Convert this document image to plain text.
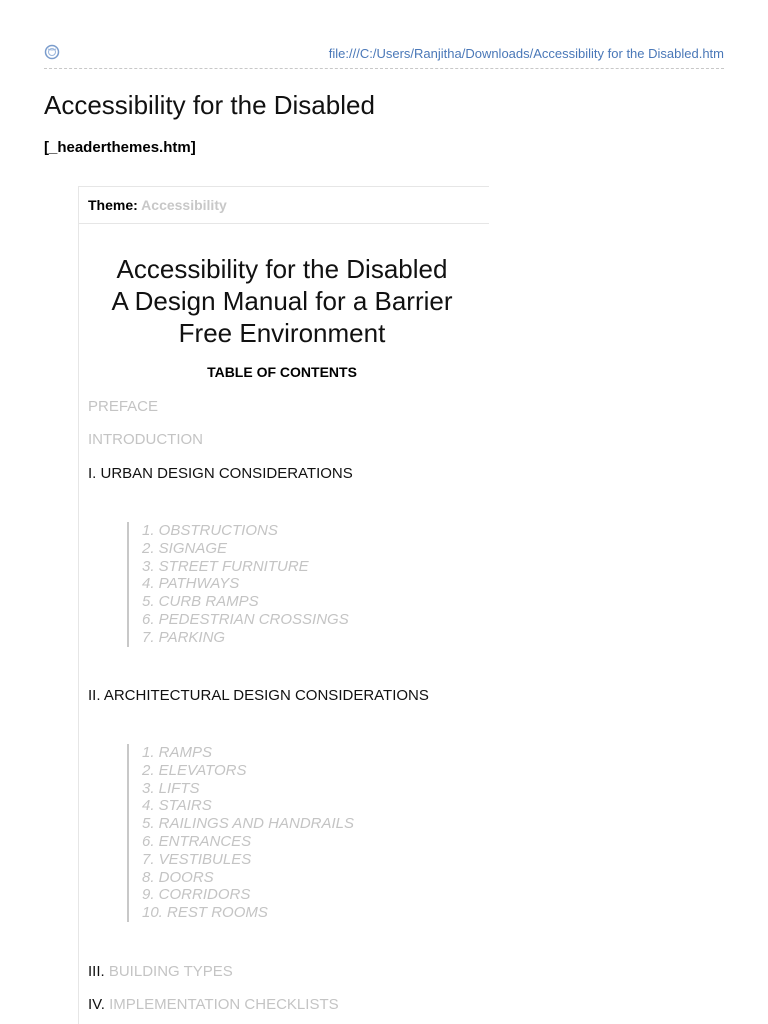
file:///C:/Users/Ranjitha/Downloads/Accessibility for the Disabled.htm
Accessibility for the Disabled
[_headerthemes.htm]
Theme: Accessibility
Accessibility for the Disabled
A Design Manual for a Barrier
Free Environment
TABLE OF CONTENTS
PREFACE
INTRODUCTION
I. URBAN DESIGN CONSIDERATIONS
1. OBSTRUCTIONS
2. SIGNAGE
3. STREET FURNITURE
4. PATHWAYS
5. CURB RAMPS
6. PEDESTRIAN CROSSINGS
7. PARKING
II. ARCHITECTURAL DESIGN CONSIDERATIONS
1. RAMPS
2. ELEVATORS
3. LIFTS
4. STAIRS
5. RAILINGS AND HANDRAILS
6. ENTRANCES
7. VESTIBULES
8. DOORS
9. CORRIDORS
10. REST ROOMS
III. BUILDING TYPES
IV. IMPLEMENTATION CHECKLISTS
